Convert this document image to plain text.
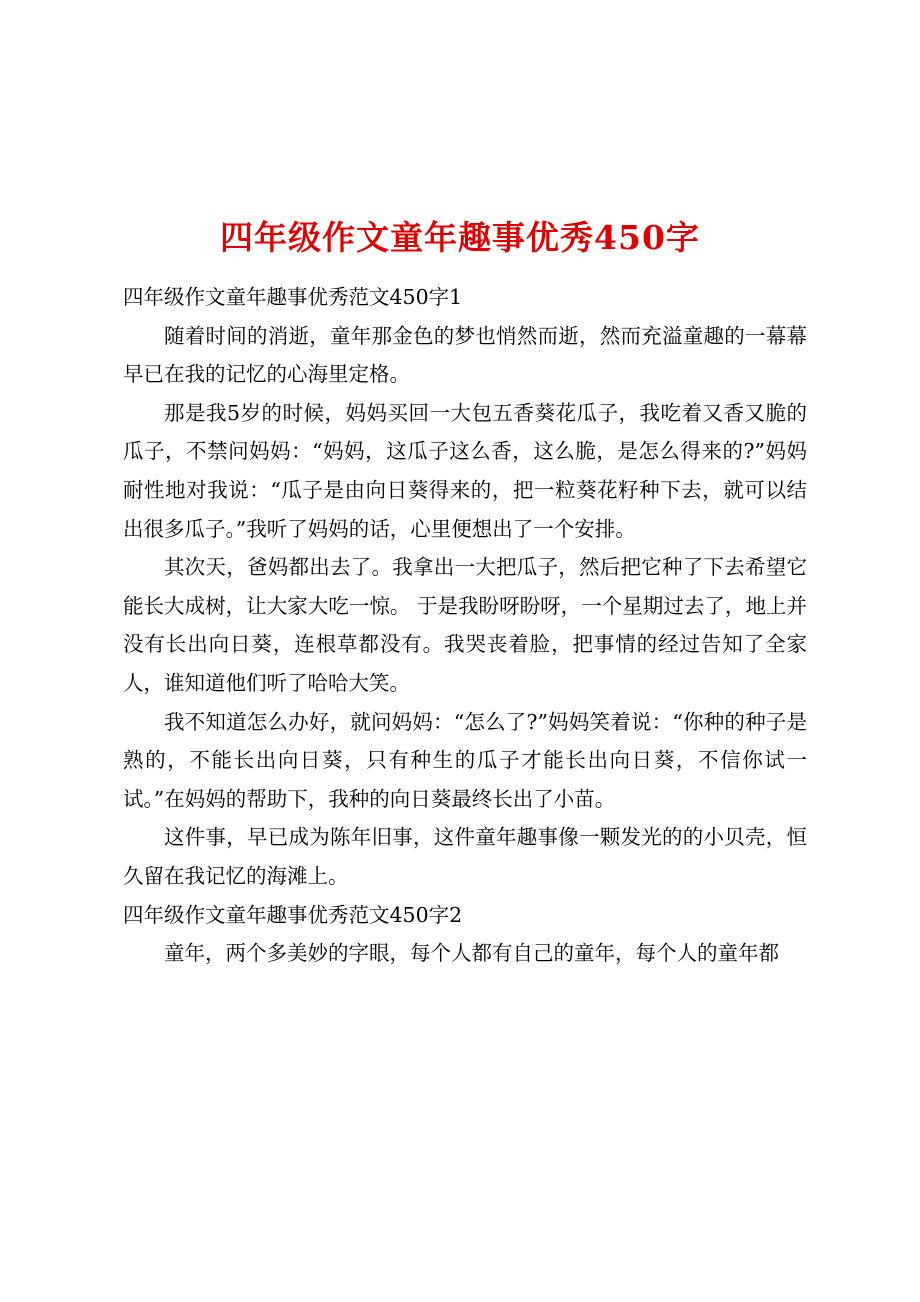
四年级作文童年趣事优秀450字

四年级作文童年趣事优秀范文450字1

随着时间的消逝，童年那金色的梦也悄然而逝，然而充溢童趣的一幕幕早已在我的记忆的心海里定格。

那是我5岁的时候，妈妈买回一大包五香葵花瓜子，我吃着又香又脆的瓜子，不禁问妈妈：“妈妈，这瓜子这么香，这么脆，是怎么得来的?”妈妈耐性地对我说：“瓜子是由向日葵得来的，把一粒葵花籽种下去，就可以结出很多瓜子。”我听了妈妈的话，心里便想出了一个安排。

其次天，爸妈都出去了。我拿出一大把瓜子，然后把它种了下去希望它能长大成树，让大家大吃一惊。 于是我盼呀盼呀，一个星期过去了，地上并没有长出向日葵，连根草都没有。我哭丧着脸，把事情的经过告知了全家人，谁知道他们听了哈哈大笑。

我不知道怎么办好，就问妈妈：“怎么了?”妈妈笑着说：“你种的种子是熟的，不能长出向日葵，只有种生的瓜子才能长出向日葵，不信你试一试。”在妈妈的帮助下，我种的向日葵最终长出了小苗。

这件事，早已成为陈年旧事，这件童年趣事像一颗发光的的小贝壳，恒久留在我记忆的海滩上。

四年级作文童年趣事优秀范文450字2

童年，两个多美妙的字眼，每个人都有自己的童年，每个人的童年都
